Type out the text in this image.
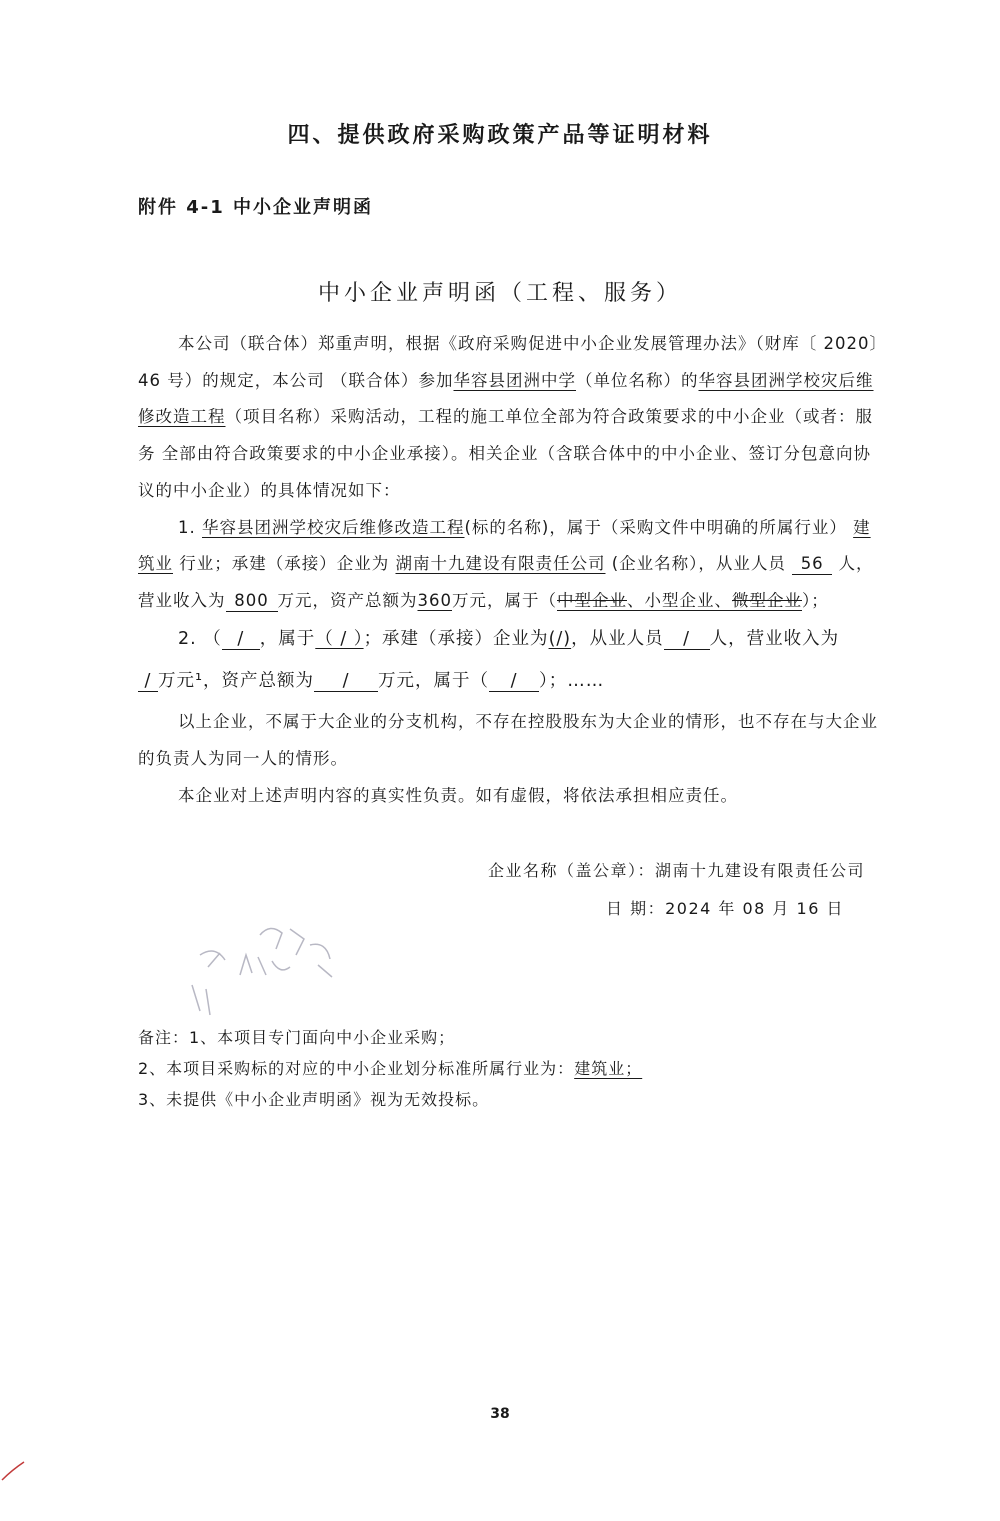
四、提供政府采购政策产品等证明材料
附件 4-1 中小企业声明函
中小企业声明函（工程、服务）
本公司（联合体）郑重声明，根据《政府采购促进中小企业发展管理办法》（财库〔 2020〕
46 号）的规定，本公司 （联合体）参加华容县团洲中学（单位名称）的华容县团洲学校灾后维
修改造工程（项目名称）采购活动，工程的施工单位全部为符合政策要求的中小企业（或者：服
务 全部由符合政策要求的中小企业承接）。相关企业（含联合体中的中小企业、签订分包意向协
议的中小企业）的具体情况如下：
1. 华容县团洲学校灾后维修改造工程(标的名称)，属于（采购文件中明确的所属行业） 建
筑业 行业；承建（承接）企业为 湖南十九建设有限责任公司 (企业名称），从业人员 56 人，
营业收入为 800 万元，资产总额为360万元，属于（中型企业、小型企业、微型企业）；
2. （ / ，属于（ / ）；承建（承接）企业为(/)，从业人员 / 人，营业收入为
/ 万元¹，资产总额为 / 万元，属于（ / ）；……
以上企业，不属于大企业的分支机构，不存在控股股东为大企业的情形，也不存在与大企业
的负责人为同一人的情形。
本企业对上述声明内容的真实性负责。如有虚假，将依法承担相应责任。
企业名称（盖公章）：湖南十九建设有限责任公司
日 期：2024 年 08 月 16 日
备注：1、本项目专门面向中小企业采购；
2、本项目采购标的对应的中小企业划分标准所属行业为：建筑业；
3、未提供《中小企业声明函》视为无效投标。
38
